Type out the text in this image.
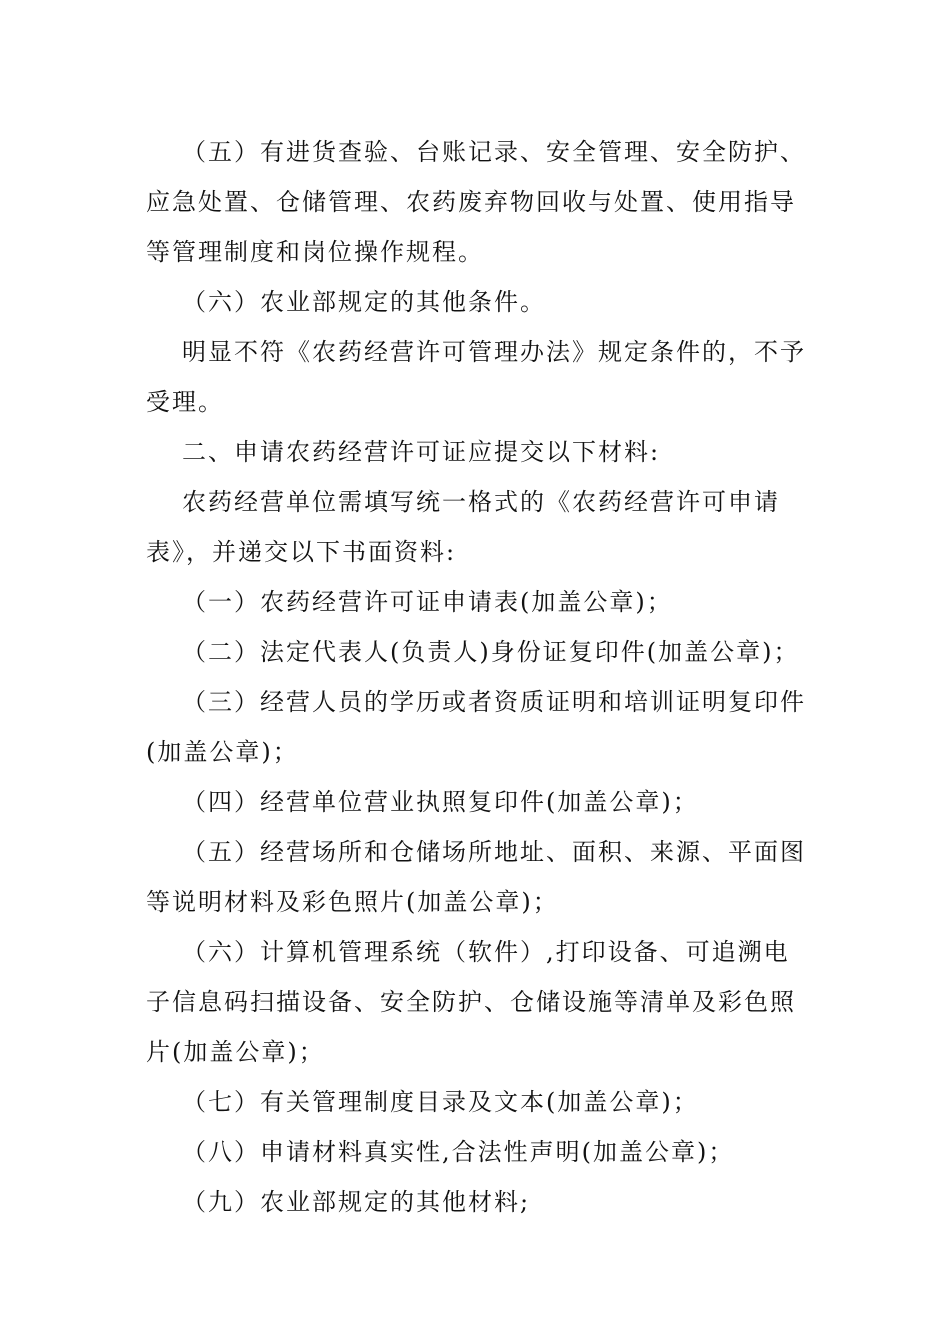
（五）有进货查验、台账记录、安全管理、安全防护、应急处置、仓储管理、农药废弃物回收与处置、使用指导等管理制度和岗位操作规程。

（六）农业部规定的其他条件。

明显不符《农药经营许可管理办法》规定条件的，不予受理。

二、申请农药经营许可证应提交以下材料:

农药经营单位需填写统一格式的《农药经营许可申请表》，并递交以下书面资料:

（一）农药经营许可证申请表(加盖公章)；

（二）法定代表人(负责人)身份证复印件(加盖公章)；

（三）经营人员的学历或者资质证明和培训证明复印件(加盖公章)；

（四）经营单位营业执照复印件(加盖公章)；

（五）经营场所和仓储场所地址、面积、来源、平面图等说明材料及彩色照片(加盖公章)；

（六）计算机管理系统（软件）,打印设备、可追溯电子信息码扫描设备、安全防护、仓储设施等清单及彩色照片(加盖公章)；

（七）有关管理制度目录及文本(加盖公章)；

（八）申请材料真实性,合法性声明(加盖公章)；

（九）农业部规定的其他材料;
